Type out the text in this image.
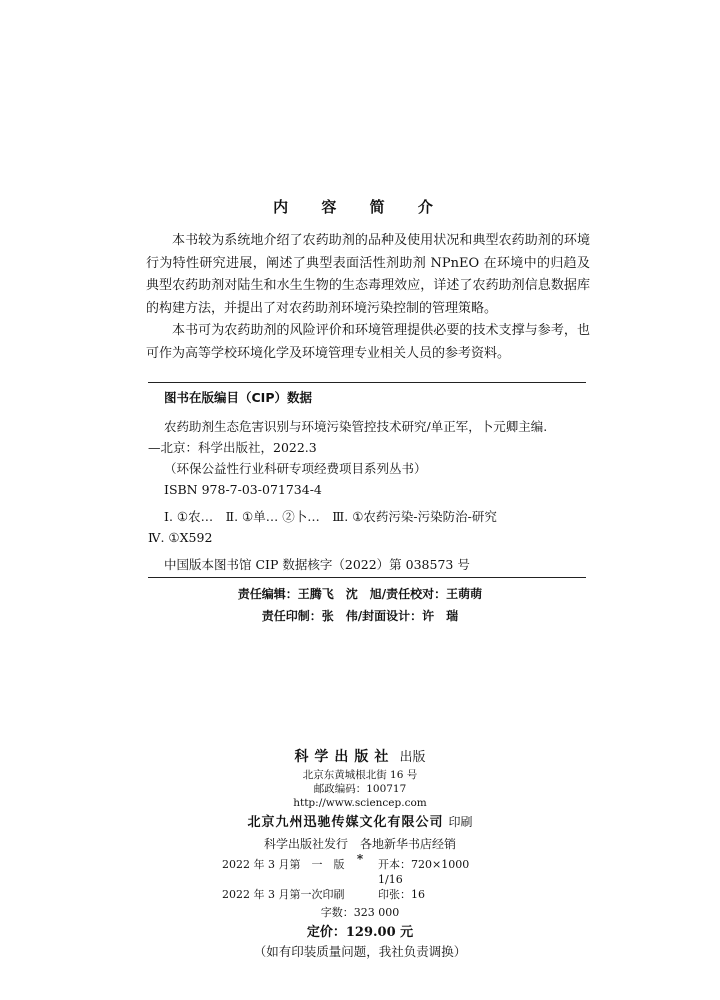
内 容 简 介

本书较为系统地介绍了农药助剂的品种及使用状况和典型农药助剂的环境行为特性研究进展，阐述了典型表面活性剂助剂 NPnEO 在环境中的归趋及典型农药助剂对陆生和水生生物的生态毒理效应，详述了农药助剂信息数据库的构建方法，并提出了对农药助剂环境污染控制的管理策略。

本书可为农药助剂的风险评价和环境管理提供必要的技术支撑与参考，也可作为高等学校环境化学及环境管理专业相关人员的参考资料。

图书在版编目（CIP）数据
农药助剂生态危害识别与环境污染管控技术研究/单正军，卜元卿主编.
—北京：科学出版社，2022.3
（环保公益性行业科研专项经费项目系列丛书）
ISBN 978-7-03-071734-4
Ⅰ. ①农…　Ⅱ. ①单… ②卜…　Ⅲ. ①农药污染-污染防治-研究
Ⅳ. ①X592
中国版本图书馆 CIP 数据核字（2022）第 038573 号
责任编辑：王腾飞　沈　旭/责任校对：王萌萌
责任印制：张　伟/封面设计：许　瑞
科学出版社 出版
北京东黄城根北街 16 号
邮政编码：100717
http://www.sciencep.com
北京九州迅驰传媒文化有限公司 印刷
科学出版社发行　各地新华书店经销
*
2022 年 3 月第　一　版	开本：720×1000　1/16
2022 年 3 月第一次印刷	印张：16
字数：323 000
定价：129.00 元
（如有印装质量问题，我社负责调换）
